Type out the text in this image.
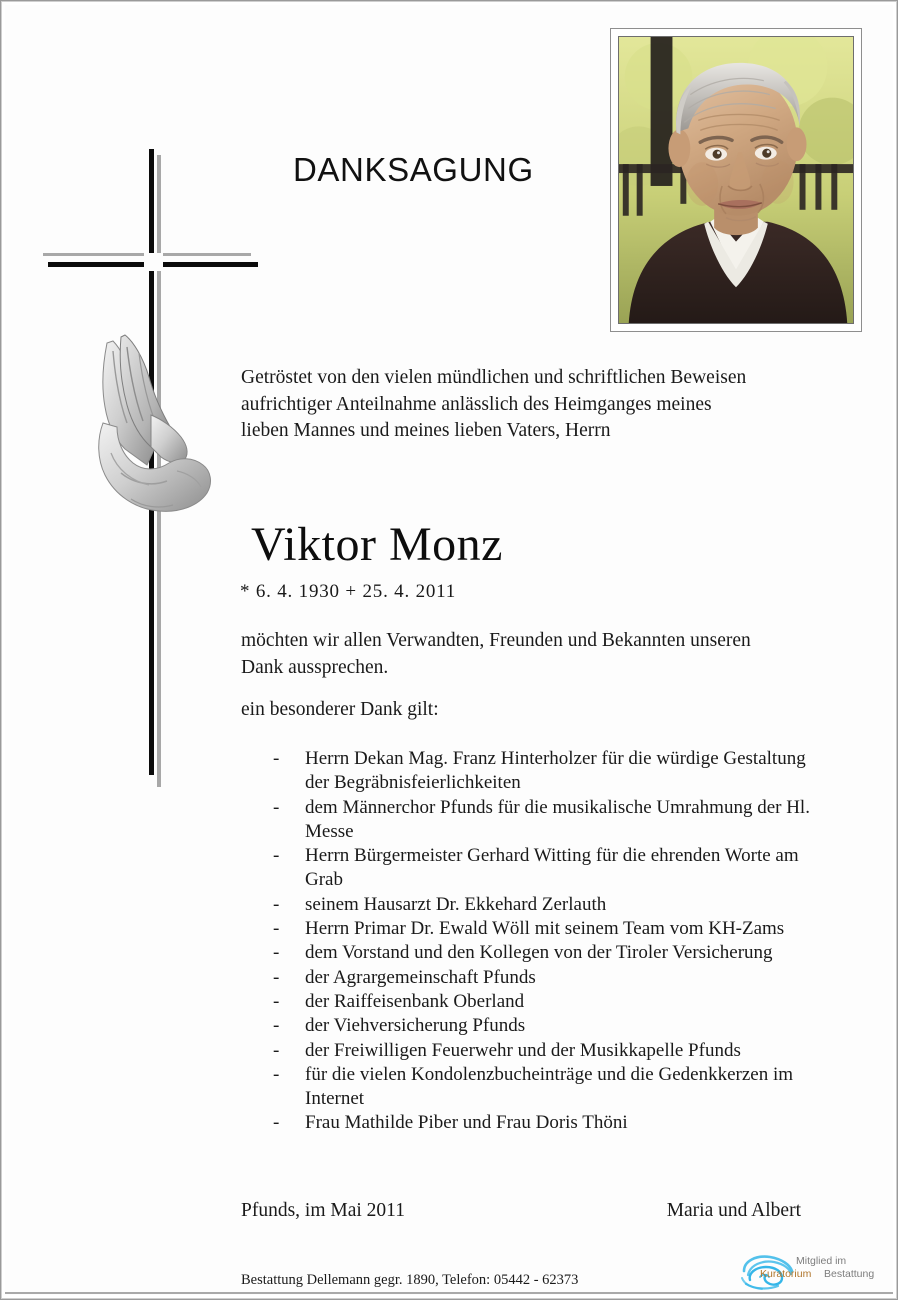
DANKSAGUNG
Getröstet von den vielen mündlichen und schriftlichen Beweisen
aufrichtiger Anteilnahme anlässlich des Heimganges meines
lieben Mannes und meines lieben Vaters, Herrn
Viktor Monz
* 6. 4. 1930 + 25. 4. 2011
möchten wir allen Verwandten, Freunden und Bekannten unseren
Dank aussprechen.
ein besonderer Dank gilt:
-	Herrn Dekan Mag. Franz Hinterholzer für die würdige Gestaltung der Begräbnisfeierlichkeiten
-	dem Männerchor Pfunds für die musikalische Umrahmung der Hl. Messe
-	Herrn Bürgermeister Gerhard Witting für die ehrenden Worte am Grab
-	seinem Hausarzt Dr. Ekkehard Zerlauth
-	Herrn Primar Dr. Ewald Wöll mit seinem Team vom KH-Zams
-	dem Vorstand und den Kollegen von der Tiroler Versicherung
-	der Agrargemeinschaft Pfunds
-	der Raiffeisenbank Oberland
-	der Viehversicherung Pfunds
-	der Freiwilligen Feuerwehr und der Musikkapelle Pfunds
-	für die vielen Kondolenzbucheinträge und die Gedenkkerzen im Internet
-	Frau Mathilde Piber und Frau Doris Thöni
Pfunds, im Mai 2011	Maria und Albert
Bestattung Dellemann gegr. 1890, Telefon: 05442 - 62373
Mitglied im
Kuratorium Bestattung
